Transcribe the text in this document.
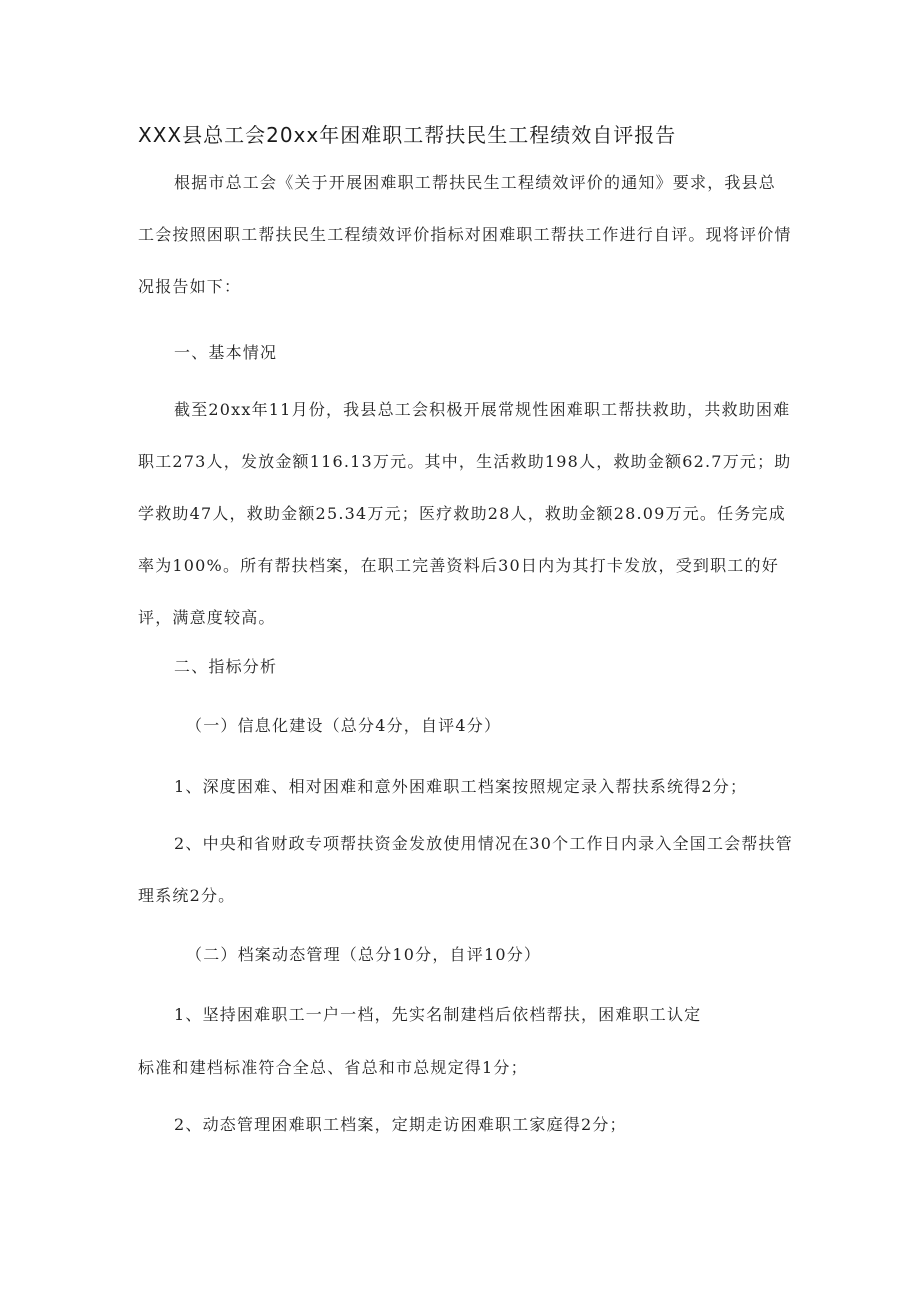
XXX县总工会20xx年困难职工帮扶民生工程绩效自评报告

根据市总工会《关于开展困难职工帮扶民生工程绩效评价的通知》要求，我县总工会按照困职工帮扶民生工程绩效评价指标对困难职工帮扶工作进行自评。现将评价情况报告如下：

一、基本情况

截至20xx年11月份，我县总工会积极开展常规性困难职工帮扶救助，共救助困难职工273人，发放金额116.13万元。其中，生活救助198人，救助金额62.7万元；助学救助47人，救助金额25.34万元；医疗救助28人，救助金额28.09万元。任务完成率为100%。所有帮扶档案，在职工完善资料后30日内为其打卡发放，受到职工的好评，满意度较高。

二、指标分析

（一）信息化建设（总分4分，自评4分）

1、深度困难、相对困难和意外困难职工档案按照规定录入帮扶系统得2分；

2、中央和省财政专项帮扶资金发放使用情况在30个工作日内录入全国工会帮扶管理系统2分。

（二）档案动态管理（总分10分，自评10分）

1、坚持困难职工一户一档，先实名制建档后依档帮扶，困难职工认定

标准和建档标准符合全总、省总和市总规定得1分；

2、动态管理困难职工档案，定期走访困难职工家庭得2分；
